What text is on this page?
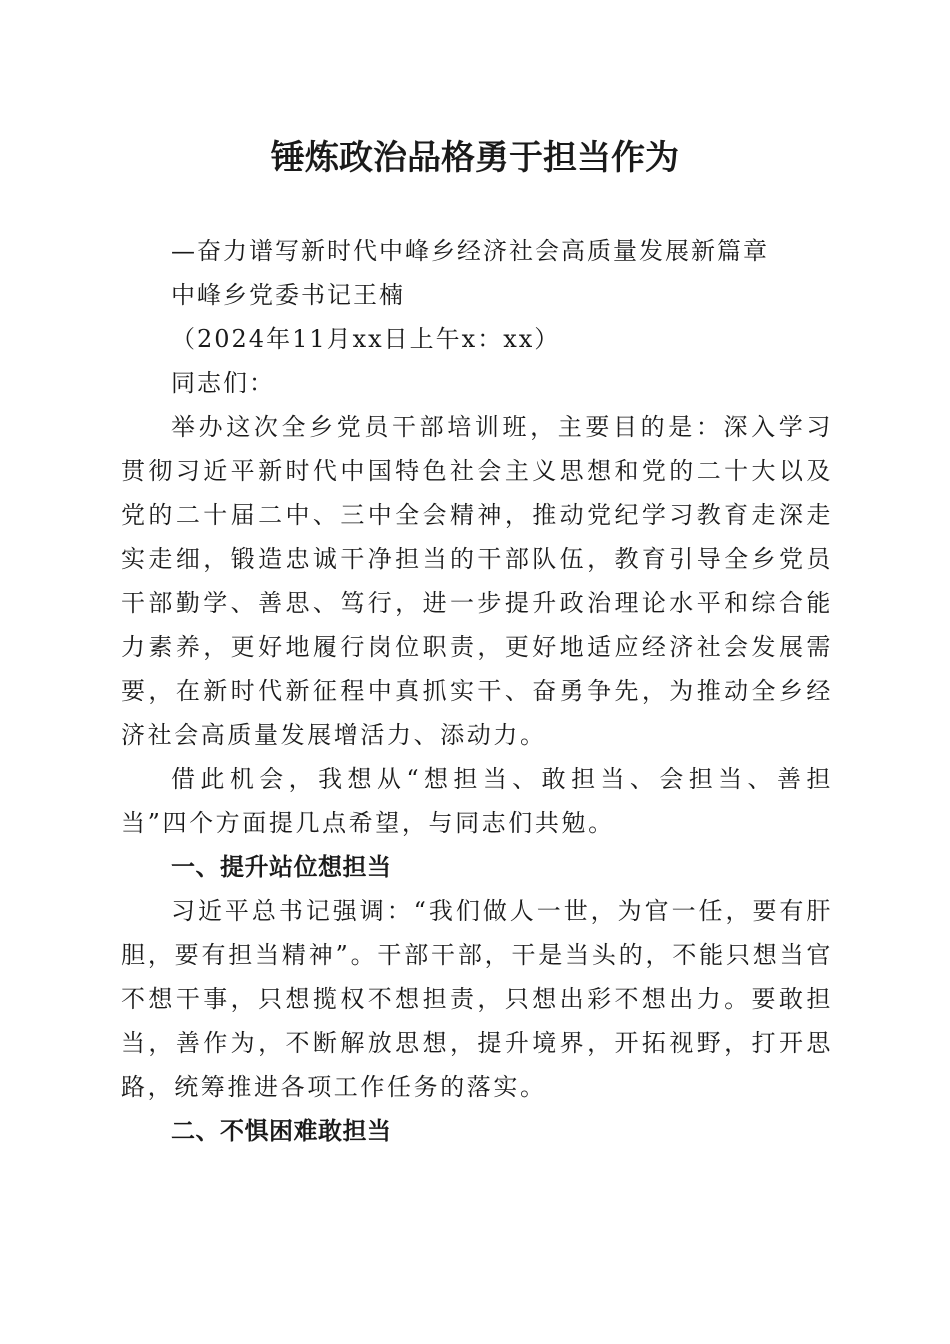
锤炼政治品格勇于担当作为

—奋力谱写新时代中峰乡经济社会高质量发展新篇章

中峰乡党委书记王楠

（2024年11月xx日上午x：xx）

同志们：

举办这次全乡党员干部培训班，主要目的是：深入学习贯彻习近平新时代中国特色社会主义思想和党的二十大以及党的二十届二中、三中全会精神，推动党纪学习教育走深走实走细，锻造忠诚干净担当的干部队伍，教育引导全乡党员干部勤学、善思、笃行，进一步提升政治理论水平和综合能力素养，更好地履行岗位职责，更好地适应经济社会发展需要，在新时代新征程中真抓实干、奋勇争先，为推动全乡经济社会高质量发展增活力、添动力。

借此机会，我想从“想担当、敢担当、会担当、善担当”四个方面提几点希望，与同志们共勉。

一、提升站位想担当

习近平总书记强调：“我们做人一世，为官一任，要有肝胆，要有担当精神”。干部干部，干是当头的，不能只想当官不想干事，只想揽权不想担责，只想出彩不想出力。要敢担当，善作为，不断解放思想，提升境界，开拓视野，打开思路，统筹推进各项工作任务的落实。

二、不惧困难敢担当
